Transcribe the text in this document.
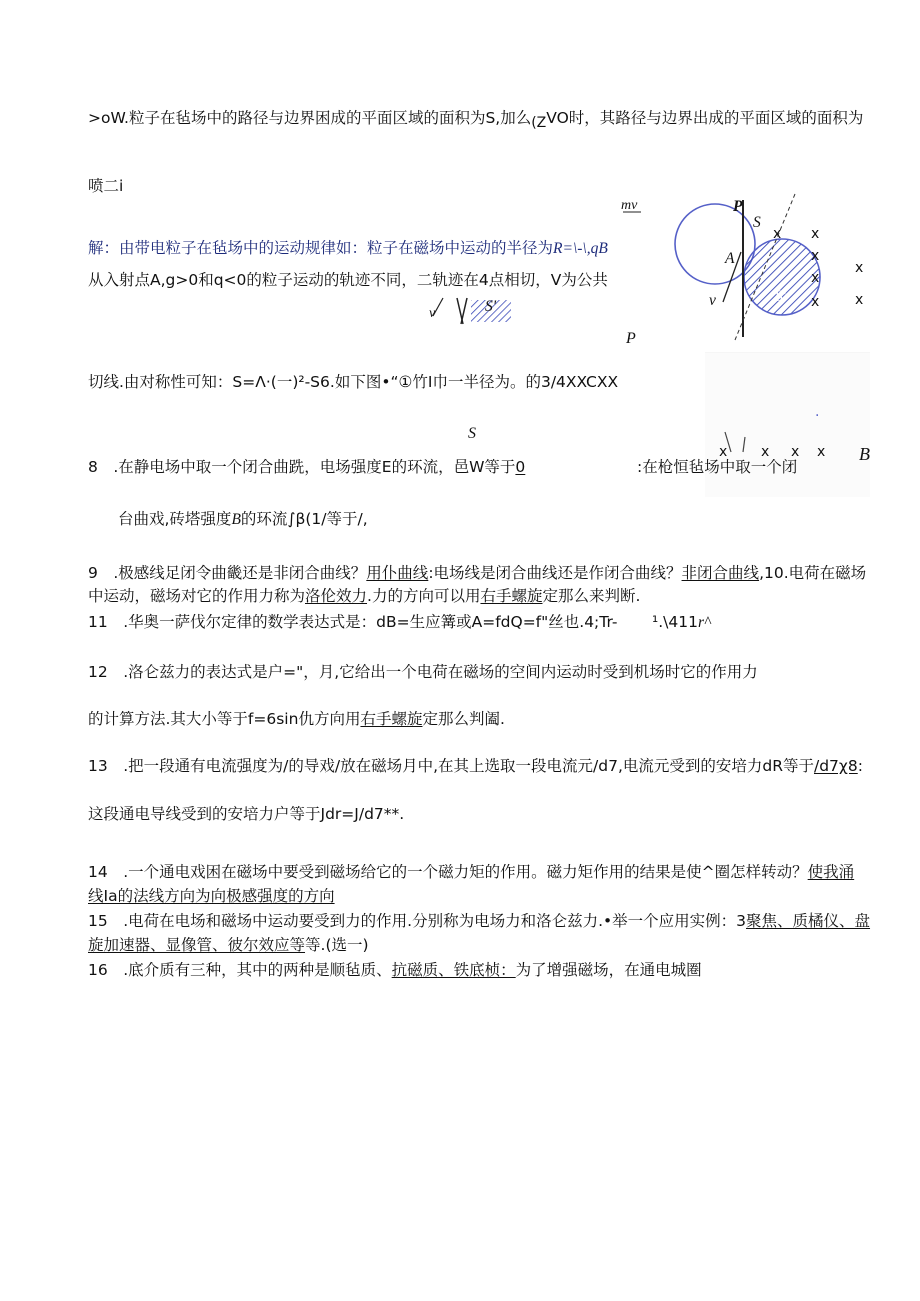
>oW.粒子在毡场中的路径与边界困成的平面区域的面积为S,加么$_{(Z}$VO时，其路径与边界出成的平面区域的面积为
喷二i
解：由带电粒子在毡场中的运动规律如：粒子在磁场中运动的半径为R=\-\,qB
从入射点A,g>0和q<0的粒子运动的轨迹不同，二轨迹在4点相切，V为公共
v	S'
mv	P
S
A
v	S'
x x
x
x
x
x
x
P
切线.由对称性可知：S=Λ·(一)²-S6.如下图•“①竹I巾一半径为。的3/4XXCXX
.
x x x x B
S
8　.在静电场中取一个闭合曲跣，电场强度E的环流，邑W等于0	:在枪恒毡场中取一个闭
台曲戏,砖塔强度B的环流∫β(1/等于/,
9　.极感线足闭令曲畿还是非闭合曲线？用仆曲线:电场线是闭合曲线还是作闭合曲线？非闭合曲线,10.电荷在磁场
中运动，磁场对它的作用力称为洛伦效力.力的方向可以用右手螺旋定那么来判断.
11　.华奥一萨伐尔定律的数学表达式是：dB=生应篝或A=fdQ=f"丝也.4;Tr- ¹.\411r^
12　.洛仑兹力的表达式是户="，月,它给出一个电荷在磁场的空间内运动时受到机场时它的作用力
的计算方法.其大小等于f=6sin仇方向用右手螺旋定那么判阖.
13　.把一段通有电流强度为/的导戏/放在磁场月中,在其上选取一段电流元/d7,电流元受到的安培力dR等于/d7χ8:
这段通电导线受到的安培力户等于Jdr=J/d7**.
14　.一个通电戏困在磁场中要受到磁场给它的一个磁力矩的作用。磁力矩作用的结果是使^圈怎样转动？使我涌
线Ia的法线方向为向极感强度的方向
15　.电荷在电场和磁场中运动要受到力的作用.分别称为电场力和洛仑兹力.•举一个应用实例：3聚焦、质橘仪、盘
旋加速器、显像管、彼尔效应等等.(选一)
16　.底介质有三种，其中的两种是顺毡质、抗磁质、铁底桢：为了增强磁场，在通电城圈
